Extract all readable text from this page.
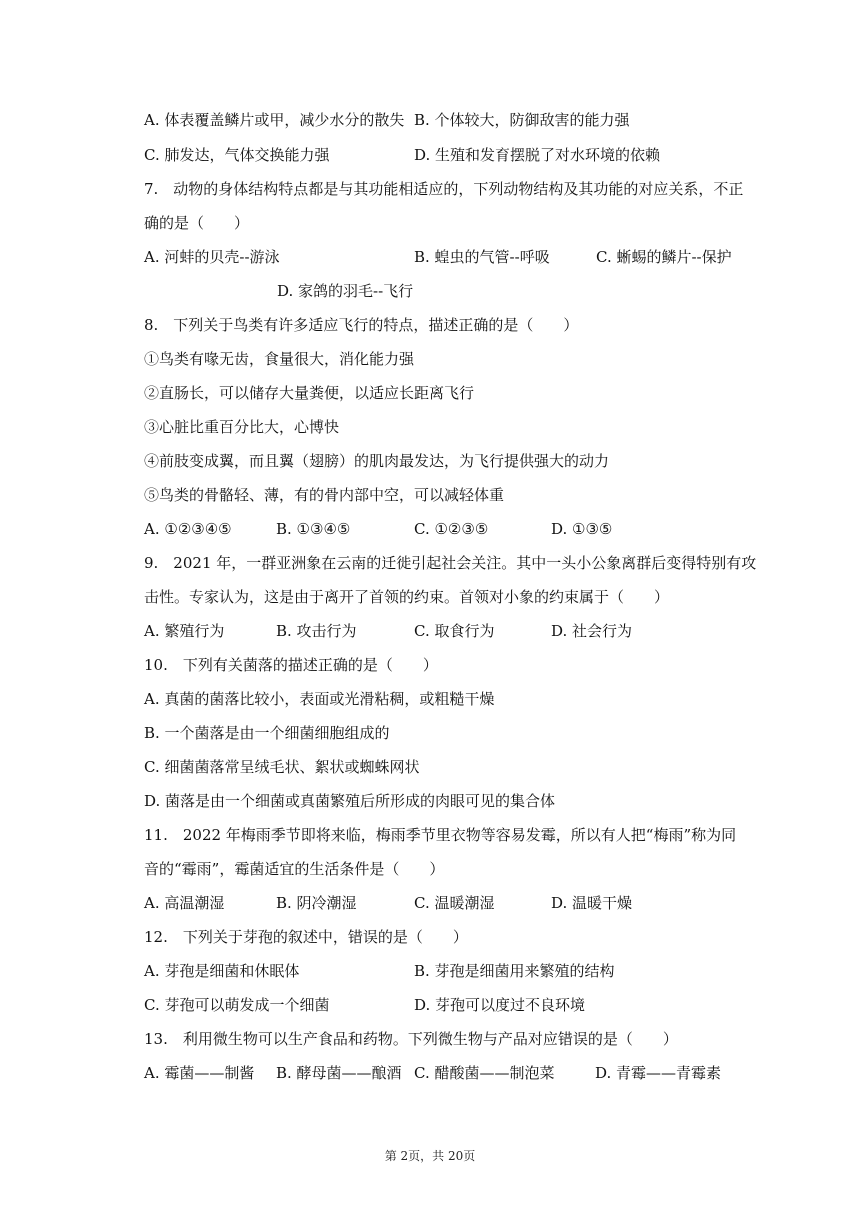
A. 体表覆盖鳞片或甲，减少水分的散失 B. 个体较大，防御敌害的能力强
C. 肺发达，气体交换能力强	D. 生殖和发育摆脱了对水环境的依赖
7.　动物的身体结构特点都是与其功能相适应的，下列动物结构及其功能的对应关系，不正
确的是（　　）
A. 河蚌的贝壳--游泳	B. 蝗虫的气管--呼吸	C. 蜥蜴的鳞片--保护
D. 家鸽的羽毛--飞行
8.　下列关于鸟类有许多适应飞行的特点，描述正确的是（　　）
①鸟类有喙无齿，食量很大，消化能力强
②直肠长，可以储存大量粪便，以适应长距离飞行
③心脏比重百分比大，心博快
④前肢变成翼，而且翼（翅膀）的肌肉最发达，为飞行提供强大的动力
⑤鸟类的骨骼轻、薄，有的骨内部中空，可以减轻体重
A. ①②③④⑤	B. ①③④⑤	C. ①②③⑤	D. ①③⑤
9.　2021 年，一群亚洲象在云南的迁徙引起社会关注。其中一头小公象离群后变得特别有攻
击性。专家认为，这是由于离开了首领的约束。首领对小象的约束属于（　　）
A. 繁殖行为	B. 攻击行为	C. 取食行为	D. 社会行为
10.　下列有关菌落的描述正确的是（　　）
A. 真菌的菌落比较小，表面或光滑粘稠，或粗糙干燥
B. 一个菌落是由一个细菌细胞组成的
C. 细菌菌落常呈绒毛状、絮状或蜘蛛网状
D. 菌落是由一个细菌或真菌繁殖后所形成的肉眼可见的集合体
11.　2022 年梅雨季节即将来临，梅雨季节里衣物等容易发霉，所以有人把“梅雨”称为同
音的“霉雨”，霉菌适宜的生活条件是（　　）
A. 高温潮湿	B. 阴冷潮湿	C. 温暖潮湿	D. 温暖干燥
12.　下列关于芽孢的叙述中，错误的是（　　）
A. 芽孢是细菌和休眠体	B. 芽孢是细菌用来繁殖的结构
C. 芽孢可以萌发成一个细菌	D. 芽孢可以度过不良环境
13.　利用微生物可以生产食品和药物。下列微生物与产品对应错误的是（　　）
A. 霉菌——制酱 B. 酵母菌——酿酒 C. 醋酸菌——制泡菜	D. 青霉——青霉素
第 2页，共 20页
